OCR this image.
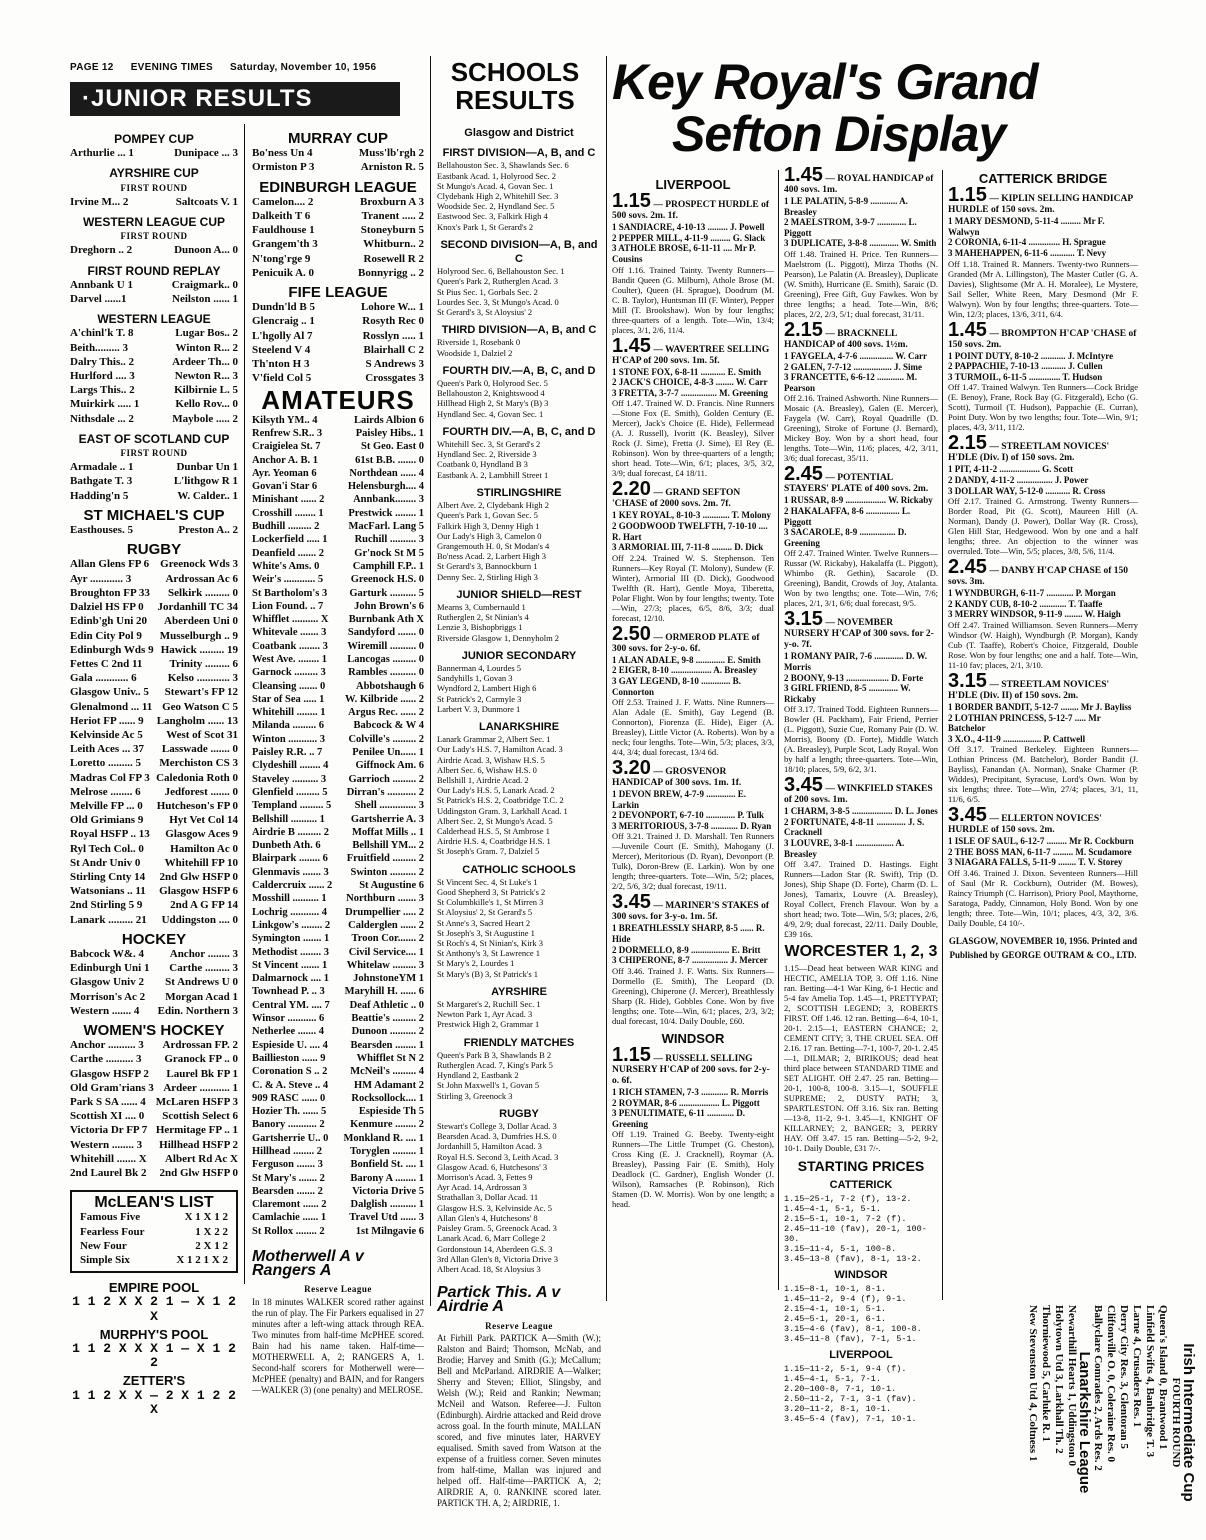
PAGE 12 EVENING TIMES Saturday, November 10, 1956
·JUNIOR RESULTS
POMPEY CUP
Arthurlie ... 1	Dunipace ... 3
AYRSHIRE CUP
FIRST ROUND
Irvine M... 2	Saltcoats V. 1
WESTERN LEAGUE CUP
FIRST ROUND
Dreghorn .. 2	Dunoon A... 0
FIRST ROUND REPLAY
Annbank U 1	Craigmark.. 0
Darvel ......1	Neilston ...... 1
WESTERN LEAGUE
A'chinl'k T. 8	Lugar Bos.. 2
Beith......... 3	Winton R... 2
Dalry This.. 2	Ardeer Th... 0
Hurlford .... 3	Newton R... 3
Largs This.. 2	Kilbirnie L. 5
Muirkirk ..... 1	Kello Rov... 0
Nithsdale ... 2	Maybole ..... 2
EAST OF SCOTLAND CUP
FIRST ROUND
Armadale .. 1	Dunbar Un 1
Bathgate T. 3	L'lithgow R 1
Hadding'n 5	W. Calder.. 1
ST MICHAEL'S CUP
Easthouses. 5	Preston A.. 2
RUGBY
Allan Glens FP 6 Greenock Wds 3
Ayr ............ 3	Ardrossan Ac 6
Broughton FP 33 Selkirk ......... 0
Dalziel HS FP 0 Jordanhill TC 34
Edinb'gh Uni 20 Aberdeen Uni 0
Edin City Pol 9 Musselburgh .. 9
Edinburgh Wds 9 Hawick ......... 19
Fettes C 2nd 11 Trinity ......... 6
Gala ............ 6	Kelso ............ 3
Glasgow Univ.. 5 Stewart's FP 12
Glenalmond ... 11 Geo Watson C 5
Heriot FP ...... 9 Langholm ...... 13
Kelvinside Ac 5 West of Scot 31
Leith Aces ... 37 Lasswade ....... 0
Loretto ......... 5 Merchiston CS 3
Madras Col FP 3 Caledonia Roth 0
Melrose ........ 6 Jedforest ....... 0
Melville FP ... 0 Hutcheson's FP 0
Old Grimians 9 Hyt Vet Col 14
Royal HSFP .. 13 Glasgow Aces 9
Ryl Tech Col.. 0 Hamilton Ac 0
St Andr Univ 0 Whitehill FP 10
Stirling Cnty 14 2nd Glw HSFP 0
Watsonians .. 11 Glasgow HSFP 6
2nd Stirling 5 9	2nd A G FP 14
Lanark ......... 21 Uddingston .... 0
HOCKEY
Babcock W&. 4 Anchor ........ 3
Edinburgh Uni 1 Carthe ......... 3
Glasgow Univ 2 St Andrews U 0
Morrison's Ac 2 Morgan Acad 1
Western ....... 4 Edin. Northern 3
WOMEN'S HOCKEY
Anchor .......... 3 Ardrossan FP. 2
Carthe .......... 3 Granock FP .. 0
Glasgow HSFP 2 Laurel Bk FP 1
Old Gram'rians 3 Ardeer ........... 1
Park S SA ...... 4 McLaren HSFP 3
Scottish XI .... 0 Scottish Select 6
Victoria Dr FP 7 Hermitage FP .. 1
Western ........ 3 Hillhead HSFP 2
Whitehill ....... X Albert Rd Ac X
2nd Laurel Bk 2 2nd Glw HSFP 0
McLEAN'S LIST
Famous Five	X 1 X 1 2
Fearless Four	1 X 2 2
New Four	2 X 1 2
Simple Six	X 1 2 1 X 2
EMPIRE POOL
1 1 2 X X 2 1 — X 1 2 X
MURPHY'S POOL
1 1 2 X X X 1 — X 1 2 2
ZETTER'S
1 1 2 X X — 2 X 1 2 2 X
MURRAY CUP
Bo'ness Un 4	Muss'lb'rgh 2
Ormiston P 3	Arniston R. 5
EDINBURGH LEAGUE
Camelon.... 2	Broxburn A 3
Dalkeith T 6	Tranent ..... 2
Fauldhouse 1	Stoneyburn 5
Grangem'th 3	Whitburn.. 2
N'tong'rge 9	Rosewell R 2
Penicuik A. 0	Bonnyrigg .. 2
FIFE LEAGUE
Dundn'ld B 5	Lohore W... 1
Glencraig .. 1	Rosyth Rec 0
L'hgolly Al 7	Rosslyn ..... 1
Steelend V 4	Blairhall C 2
Th'nton H 3	S Andrews 3
V'field Col 5	Crossgates 3
AMATEURS
Kilsyth YM.. 4	Lairds Albion 6
Renfrew S.R.. 3	Paisley Hibs.. 1
Craigielea St. 7	St Geo. East 0
Anchor A. B. 1	61st B.B. ....... 0
Ayr. Yeoman 6	Northdean ...... 4
Govan'i Star 6	Helensburgh.... 4
Minishant ...... 2	Annbank........ 3
Crosshill ........ 1 Prestwick ........ 1
Budhill ......... 2	MacFarl. Lang 5
Lockerfield ..... 1	Ruchill .......... 3
Deanfield ....... 2	Gr'nock St M 5
White's Ams. 0	Camphill F.P.. 1
Weir's ............ 5	Greenock H.S. 0
St Bartholom's 3 Garturk .......... 5
Lion Found. .. 7	John Brown's 6
Whifflet .......... X Burnbank Ath X
Whitevale ....... 3 Sandyford ....... 0
Coatbank ........ 3 Wiremill .......... 0
West Ave. ........ 1 Lancogas ......... 0
Garnock ......... 3 Rambles .......... 0
Cleansing ....... 0	Abbotshaugh 6
Star of Sea ..... 1 W. Kilbride ...... 2
Whitehill ........ 1 Argus Rec. ...... 2
Milanda ......... 6	Babcock & W 4
Winton ........... 3 Colville's ......... 2
Paisley R.R. .. 7	Penilee Un...... 1
Clydeshill ........ 4	Giffnock Am. 6
Staveley .......... 3 Garrioch ......... 2
Glenfield ......... 5 Dirran's ........... 2
Templand ......... 5 Shell .............. 3
Bellshill .......... 1 Gartsherrie A. 3
Airdrie B ......... 2 Moffat Mills .. 1
Dunbeth Ath. 6	Bellshill YM... 2
Blairpark ........ 6 Fruitfield ......... 2
Glenmavis ....... 3 Swinton .......... 2
Caldercruix ...... 2	St Augustine 6
Mosshill .......... 1 Northburn ....... 3
Lochrig ........... 4 Drumpellier ..... 2
Linkgow's ........ 2 Calderglen ...... 2
Symington ....... 1 Troon Cor....... 2
Methodist ........ 3 Civil Service.... 1
St Vincent ....... 1 Whitelaw ......... 3
Dalmarnock .... 1 JohnstoneYM 1
Townhead P. .. 3 Maryhill H. ...... 6
Central YM. .... 7 Deaf Athletic .. 0
Winsor ........... 6	Beattie's ......... 2
Netherlee ....... 4	Dunoon .......... 2
Espieside U. .... 4 Bearsden ........ 1
Baillieston ...... 9	Whifflet St N 2
Coronation S .. 2 McNeil's ......... 4
C. & A. Steve .. 4 HM Adamant 2
909 RASC ...... 0 Rocksollock.... 1
Hozier Th. ...... 5	Espieside Th 5
Banory ........... 2 Kenmure ........ 2
Gartsherrie U.. 0 Monkland R. .... 1
Hillhead ........ 2	Toryglen ......... 1
Ferguson ....... 3	Bonfield St. .... 1
St Mary's ....... 2 Barony A ........ 1
Bearsden ....... 2	Victoria Drive 5
Claremont ...... 2 Dalglish .......... 1
Camlachie ...... 1 Travel Utd ...... 3
St Rollox ........ 2	1st Milngavie 6
Motherwell A v Rangers A
Reserve League
In 18 minutes WALKER scored rather against the run of play. The Fir Parkers equalised in 27 minutes after a left-wing attack through REA. Two minutes from half-time McPHEE scored. Bain had his name taken. Half-time—MOTHERWELL A, 2; RANGERS A, 1. Second-half scorers for Motherwell were—McPHEE (penalty) and BAIN, and for Rangers—WALKER (3) (one penalty) and MELROSE.
SCHOOLS
RESULTS
Glasgow and District
FIRST DIVISION—A, B, and C
Bellahouston Sec. 3, Shawlands Sec. 6
Eastbank Acad. 1, Holyrood Sec. 2
St Mungo's Acad. 4, Govan Sec. 1
Clydebank High 2, Whitehill Sec. 3
Woodside Sec. 2, Hyndland Sec. 5
Eastwood Sec. 3, Falkirk High 4
Knox's Park 1, St Gerard's 2
SECOND DIVISION—A, B, and C
Holyrood Sec. 6, Bellahouston Sec. 1
Queen's Park 2, Rutherglen Acad. 3
St Pius Sec. 1, Gorbals Sec. 2
Lourdes Sec. 3, St Mungo's Acad. 0
St Gerard's 3, St Aloysius' 2
THIRD DIVISION—A, B, and C
Riverside 1, Rosebank 0
Woodside 1, Dalziel 2
FOURTH DIV.—A, B, C, and D
Queen's Park 0, Holyrood Sec. 5
Bellahouston 2, Knightswood 4
Hillhead High 2, St Mary's (B) 3
Hyndland Sec. 4, Govan Sec. 1
FOURTH DIV.—A, B, C, and D
Whitehill Sec. 3, St Gerard's 2
Hyndland Sec. 2, Riverside 3
Coatbank 0, Hyndland B 3
Eastbank A. 2, Lambhill Street 1
STIRLINGSHIRE
Albert Ave. 2, Clydebank High 2
Queen's Park 1, Govan Sec. 5
Falkirk High 3, Denny High 1
Our Lady's High 3, Camelon 0
Grangemouth H. 0, St Modan's 4
Bo'ness Acad. 2, Larbert High 3
St Gerard's 3, Bannockburn 1
Denny Sec. 2, Stirling High 3
JUNIOR SHIELD—REST
Mearns 3, Cumbernauld 1
Rutherglen 2, St Ninian's 4
Lenzie 3, Bishopbriggs 1
Riverside Glasgow 1, Dennyholm 2
JUNIOR SECONDARY
Bannerman 4, Lourdes 5
Sandyhills 1, Govan 3
Wyndford 2, Lambert High 6
St Patrick's 2, Carmyle 3
Larbert V. 3, Dunmore 1
LANARKSHIRE
Lanark Grammar 2, Albert Sec. 1
Our Lady's H.S. 7, Hamilton Acad. 3
Airdrie Acad. 3, Wishaw H.S. 5
Albert Sec. 6, Wishaw H.S. 0
Bellshill 1, Airdrie Acad. 2
Our Lady's H.S. 5, Lanark Acad. 2
St Patrick's H.S. 2, Coatbridge T.C. 2
Uddingston Gram. 3, Larkhall Acad. 1
Albert Sec. 2, St Mungo's Acad. 5
Calderhead H.S. 5, St Ambrose 1
Airdrie H.S. 4, Coatbridge H.S. 1
St Joseph's Gram. 7, Dalziel 5
CATHOLIC SCHOOLS
St Vincent Sec. 4, St Luke's 1
Good Shepherd 3, St Patrick's 2
St Columbkille's 1, St Mirren 3
St Aloysius' 2, St Gerard's 5
St Anne's 3, Sacred Heart 2
St Joseph's 3, St Augustine 1
St Roch's 4, St Ninian's, Kirk 3
St Anthony's 3, St Lawrence 1
St Mary's 2, Lourdes 1
St Mary's (B) 3, St Patrick's 1
AYRSHIRE
St Margaret's 2, Ruchill Sec. 1
Newton Park 1, Ayr Acad. 3
Prestwick High 2, Grammar 1
FRIENDLY MATCHES
Queen's Park B 3, Shawlands B 2
Rutherglen Acad. 7, King's Park 5
Hyndland 2, Eastbank 2
St John Maxwell's 1, Govan 5
Stirling 3, Greenock 3
RUGBY
Stewart's College 3, Dollar Acad. 3
Bearsden Acad. 3, Dumfries H.S. 0
Jordanhill 5, Hamilton Acad. 3
Royal H.S. Second 3, Leith Acad. 3
Glasgow Acad. 6, Hutchesons' 3
Morrison's Acad. 3, Fettes 9
Ayr Acad. 14, Ardrossan 3
Strathallan 3, Dollar Acad. 11
Glasgow H.S. 3, Kelvinside Ac. 5
Allan Glen's 4, Hutchesons' 8
Paisley Gram. 5, Greenock Acad. 3
Lanark Acad. 6, Marr College 2
Gordonstoun 14, Aberdeen G.S. 3
3rd Allan Glen's 8, Victoria Drive 3
Albert Acad. 18, St Aloysius 3
Partick This. A v Airdrie A
Reserve League
At Firhill Park. PARTICK A—Smith (W.); Ralston and Baird; Thomson, McNab, and Brodie; Harvey and Smith (G.); McCallum; Bell and McParland. AIRDRIE A—Walker; Sherry and Steven; Elliot, Slingsby, and Welsh (W.); Reid and Rankin; Newman; McNeil and Watson. Referee—J. Fulton (Edinburgh). Airdrie attacked and Reid drove across goal. In the fourth minute, MALLAN scored, and five minutes later, HARVEY equalised. Smith saved from Watson at the expense of a fruitless corner. Seven minutes from half-time, Mallan was injured and helped off. Half-time—PARTICK A, 2; AIRDRIE A, 0. RANKINE scored later. PARTICK TH. A, 2; AIRDRIE, 1.
Key Royal's Grand
Sefton Display
LIVERPOOL
1.15 — PROSPECT HURDLE of 500 sovs. 2m. 1f.
1 SANDIACRE, 4-10-13 ......... J. Powell
2 PEPPER MILL, 4-11-9 ......... G. Slack
3 ATHOLE BROSE, 6-11-11 .... Mr P. Cousins
Off 1.16. Trained Tainty. Twenty Runners—Bandit Queen (G. Milburn), Athole Brose (M. Coulter), Queen (H. Sprague), Doodrum (M. C. B. Taylor), Huntsman III (F. Winter), Pepper Mill (T. Brookshaw). Won by four lengths; three-quarters of a length. Tote—Win, 13/4; places, 3/1, 2/6, 11/4.
1.45 — WAVERTREE SELLING H'CAP of 200 sovs. 1m. 5f.
1 STONE FOX, 6-8-11 ........... E. Smith
2 JACK'S CHOICE, 4-8-3 ........ W. Carr
3 FRETTA, 3-7-7 ................ M. Greening
Off 1.47. Trained W. D. Francis. Nine Runners—Stone Fox (E. Smith), Golden Century (E. Mercer), Jack's Choice (E. Hide), Fellermead (A. J. Russell), Ivoritt (K. Beasley), Silver Rock (J. Sime), Fretta (J. Sime), El Rey (E. Robinson). Won by three-quarters of a length; short head. Tote—Win, 6/1; places, 3/5, 3/2, 3/9; dual forecast, £4 18/11.
2.20 — GRAND SEFTON 'CHASE of 2000 sovs. 2m. 7f.
1 KEY ROYAL, 8-10-3 ............ T. Molony
2 GOODWOOD TWELFTH, 7-10-10 .... R. Hart
3 ARMORIAL III, 7-11-8 ......... D. Dick
Off 2.24. Trained W. S. Stephenson. Ten Runners—Key Royal (T. Molony), Sundew (F. Winter), Armorial III (D. Dick), Goodwood Twelfth (R. Hart), Gentle Moya, Tiberetta, Polar Flight. Won by four lengths; twenty. Tote—Win, 27/3; places, 6/5, 8/6, 3/3; dual forecast, 12/10.
2.50 — ORMEROD PLATE of 300 sovs. for 2-y-o. 6f.
1 ALAN ADALE, 9-8 ............. E. Smith
2 EIGER, 8-10 .................. A. Breasley
3 GAY LEGEND, 8-10 ............. B. Connorton
Off 2.53. Trained J. F. Watts. Nine Runners—Alan Adale (E. Smith), Gay Legend (B. Connorton), Fiorenza (E. Hide), Eiger (A. Breasley), Little Victor (A. Roberts). Won by a neck; four lengths. Tote—Win, 5/3; places, 3/3, 4/4, 3/4; dual forecast, 13/4 6d.
3.20 — GROSVENOR HANDICAP of 300 sovs. 1m. 1f.
1 DEVON BREW, 4-7-9 ............. E. Larkin
2 DEVONPORT, 6-7-10 ............. P. Tulk
3 MERITORIOUS, 3-7-8 ............ D. Ryan
Off 3.21. Trained J. D. Marshall. Ten Runners—Juvenile Court (E. Smith), Mahogany (J. Mercer), Meritorious (D. Ryan), Devonport (P. Tulk), Doron-Brew (E. Larkin). Won by one length; three-quarters. Tote—Win, 5/2; places, 2/2, 5/6, 3/2; dual forecast, 19/11.
3.45 — MARINER'S STAKES of 300 sovs. for 3-y-o. 1m. 5f.
1 BREATHLESSLY SHARP, 8-5 ...... R. Hide
2 DORMELLO, 8-9 ................. E. Britt
3 CHIPERONE, 8-7 ................ J. Mercer
Off 3.46. Trained J. F. Watts. Six Runners—Dormello (E. Smith), The Leopard (D. Greening), Chiperone (J. Mercer), Breathlessly Sharp (R. Hide), Gobbles Cone. Won by five lengths; one. Tote—Win, 6/1; places, 2/3, 3/2; dual forecast, 10/4. Daily Double, £60.
WINDSOR
1.15 — RUSSELL SELLING NURSERY H'CAP of 200 sovs. for 2-y-o. 6f.
1 RICH STAMEN, 7-3 ............ R. Morris
2 ROYMAR, 8-6 .................. L. Piggott
3 PENULTIMATE, 6-11 ............ D. Greening
Off 1.19. Trained G. Beeby. Twenty-eight Runners—The Little Trumpet (G. Cheston), Cross King (E. J. Cracknell), Roymar (A. Breasley), Passing Fair (E. Smith), Holy Deadlock (C. Gardner), English Wonder (J. Wilson), Ramsaches (P. Robinson), Rich Stamen (D. W. Morris). Won by one length; a head.
1.45 — ROYAL HANDICAP of 400 sovs. 1m.
1 LE PALATIN, 5-8-9 ............ A. Breasley
2 MAELSTROM, 3-9-7 ............. L. Piggott
3 DUPLICATE, 3-8-8 ............. W. Smith
Off 1.48. Trained H. Price. Ten Runners—Maelstrom (L. Piggott), Mirza Thoths (N. Pearson), Le Palatin (A. Breasley), Duplicate (W. Smith), Hurricane (E. Smith), Saraic (D. Greening), Free Gift, Guy Fawkes. Won by three lengths; a head. Tote—Win, 8/6; places, 2/2, 2/3, 5/1; dual forecast, 31/11.
2.15 — BRACKNELL HANDICAP of 400 sovs. 1½m.
1 FAYGELA, 4-7-6 ............... W. Carr
2 GALEN, 7-7-12 ................. J. Sime
3 FRANCETTE, 6-6-12 ............ M. Pearson
Off 2.16. Trained Ashworth. Nine Runners—Mosaic (A. Breasley), Galen (E. Mercer), Faygela (W. Carr), Royal Quadrille (D. Greening), Stroke of Fortune (J. Bernard), Mickey Boy. Won by a short head, four lengths. Tote—Win, 11/6; places, 4/2, 3/11, 3/6; dual forecast, 35/11.
2.45 — POTENTIAL STAYERS' PLATE of 400 sovs. 2m.
1 RUSSAR, 8-9 .................. W. Rickaby
2 HAKALAFFA, 8-6 ............... L. Piggott
3 SACAROLE, 8-9 ................ D. Greening
Off 2.47. Trained Winter. Twelve Runners—Russar (W. Rickaby), Hakalaffa (L. Piggott), Whimbo (R. Gethin), Sacarole (D. Greening), Bandit, Crowds of Joy, Atalanta. Won by two lengths; one. Tote—Win, 7/6; places, 2/1, 3/1, 6/6; dual forecast, 9/5.
3.15 — NOVEMBER NURSERY H'CAP of 300 sovs. for 2-y-o. 7f.
1 ROMANY PAIR, 7-6 ............. D. W. Morris
2 BOONY, 9-13 ................... D. Forte
3 GIRL FRIEND, 8-5 ............. W. Rickaby
Off 3.17. Trained Todd. Eighteen Runners—Bowler (H. Packham), Fair Friend, Perrier (L. Piggott), Suzie Cue, Romany Pair (D. W. Morris), Boony (D. Forte), Middle Watch (A. Breasley), Purple Scot, Lady Royal. Won by half a length; three-quarters. Tote—Win, 18/10; places, 5/9, 6/2, 3/1.
3.45 — WINKFIELD STAKES of 200 sovs. 1m.
1 CHARM, 3-8-5 .................. D. L. Jones
2 FORTUNATE, 4-8-11 ............. J. S. Cracknell
3 LOUVRE, 3-8-1 ................. A. Breasley
Off 3.47. Trained D. Hastings. Eight Runners—Ladon Star (R. Swift), Trip (D. Jones), Ship Shape (D. Forte), Charm (D. L. Jones), Tamarix, Louvre (A. Breasley), Royal Collect, French Flavour. Won by a short head; two. Tote—Win, 5/3; places, 2/6, 4/9, 2/9; dual forecast, 22/11. Daily Double, £39 16s.
WORCESTER 1, 2, 3
1.15—Dead heat between WAR KING and HECTIC, AMELIA TOP, 3. Off 1.16. Nine ran. Betting—4-1 War King, 6-1 Hectic and 5-4 fav Amelia Top. 1.45—1, PRETTYPAT; 2, SCOTTISH LEGEND; 3, ROBERTS FIRST. Off 1.46. 12 ran. Betting—6-4, 10-1, 20-1. 2.15—1, EASTERN CHANCE; 2, CEMENT CITY; 3, THE CRUEL SEA. Off 2.16. 17 ran. Betting—7-1, 100-7, 20-1. 2.45—1, DILMAR; 2, BIRIKOUS; dead heat third place between STANDARD TIME and SET ALIGHT. Off 2.47. 25 ran. Betting—20-1, 100-8, 100-8. 3.15—1, SOUFFLE SUPREME; 2, DUSTY PATH; 3, SPARTLESTON. Off 3.16. Six ran. Betting—13-8, 11-2, 9-1. 3.45—1, KNIGHT OF KILLARNEY; 2, BANGER; 3, PERRY HAY. Off 3.47. 15 ran. Betting—5-2, 9-2, 10-1. Daily Double, £31 7/-.
STARTING PRICES
CATTERICK
1.15—25-1, 7-2 (f), 13-2.
1.45—4-1, 5-1, 5-1.
2.15—5-1, 10-1, 7-2 (f).
2.45—11-10 (fav), 20-1, 100-30.
3.15—11-4, 5-1, 100-8.
3.45—13-8 (fav), 8-1, 13-2.
WINDSOR
1.15—8-1, 10-1, 8-1.
1.45—11-2, 9-4 (f), 9-1.
2.15—4-1, 10-1, 5-1.
2.45—5-1, 20-1, 6-1.
3.15—4-6 (fav), 8-1, 100-8.
3.45—11-8 (fav), 7-1, 5-1.
LIVERPOOL
1.15—11-2, 5-1, 9-4 (f).
1.45—4-1, 5-1, 7-1.
2.20—100-8, 7-1, 10-1.
2.50—11-2, 7-1, 3-1 (fav).
3.20—11-2, 8-1, 10-1.
3.45—5-4 (fav), 7-1, 10-1.
CATTERICK BRIDGE
1.15 — KIPLIN SELLING HANDICAP HURDLE of 150 sovs. 2m.
1 MARY DESMOND, 5-11-4 ......... Mr F. Walwyn
2 CORONIA, 6-11-4 .............. H. Sprague
3 MAHEHAPPEN, 6-11-6 ........... T. Nevy
Off 1.18. Trained R. Manners. Twenty-two Runners—Granded (Mr A. Lillingston), The Master Cutler (G. A. Davies), Slightsome (Mr A. H. Moralee), Le Mystere, Sail Seller, White Reen, Mary Desmond (Mr F. Walwyn). Won by four lengths; three-quarters. Tote—Win, 12/3; places, 13/6, 3/11, 6/4.
1.45 — BROMPTON H'CAP 'CHASE of 150 sovs. 2m.
1 POINT DUTY, 8-10-2 ........... J. McIntyre
2 PAPPACHIE, 7-10-13 ........... J. Cullen
3 TURMOIL, 6-11-5 .............. T. Hudson
Off 1.47. Trained Walwyn. Ten Runners—Cock Bridge (E. Benoy), Frane, Rock Bay (G. Fitzgerald), Echo (G. Scott), Turmoil (T. Hudson), Pappachie (E. Curran), Point Duty. Won by two lengths; four. Tote—Win, 9/1; places, 4/3, 3/11, 11/2.
2.15 — STREETLAM NOVICES' H'DLE (Div. I) of 150 sovs. 2m.
1 PIT, 4-11-2 .................. G. Scott
2 DANDY, 4-11-2 ................ J. Power
3 DOLLAR WAY, 5-12-0 ........... R. Cross
Off 2.17. Trained G. Armstrong. Twenty Runners—Border Road, Pit (G. Scott), Maureen Hill (A. Norman), Dandy (J. Power), Dollar Way (R. Cross), Glen Hill Star, Hedgewood. Won by one and a half lengths; three. An objection to the winner was overruled. Tote—Win, 5/5; places, 3/8, 5/6, 11/4.
2.45 — DANBY H'CAP CHASE of 150 sovs. 3m.
1 WYNDBURGH, 6-11-7 ............ P. Morgan
2 KANDY CUB, 8-10-2 ............ T. Taaffe
3 MERRY WINDSOR, 9-11-9 ........ W. Haigh
Off 2.47. Trained Williamson. Seven Runners—Merry Windsor (W. Haigh), Wyndburgh (P. Morgan), Kandy Cub (T. Taaffe), Robert's Choice, Fitzgerald, Double Rose. Won by four lengths; one and a half. Tote—Win, 11-10 fav; places, 2/1, 3/10.
3.15 — STREETLAM NOVICES' H'DLE (Div. II) of 150 sovs. 2m.
1 BORDER BANDIT, 5-12-7 ........ Mr J. Bayliss
2 LOTHIAN PRINCESS, 5-12-7 ..... Mr Batchelor
3 X.O., 4-11-9 ................. P. Cattwell
Off 3.17. Trained Berkeley. Eighteen Runners—Lothian Princess (M. Batchelor), Border Bandit (J. Bayliss), Fanandan (A. Norman), Snake Charmer (P. Widdes), Precipitant, Syracuse, Lord's Own. Won by six lengths; three. Tote—Win, 27/4; places, 3/1, 11, 11/6, 6/5.
3.45 — ELLERTON NOVICES' HURDLE of 150 sovs. 2m.
1 ISLE OF SAUL, 6-12-7 ......... Mr R. Cockburn
2 THE BOSS MAN, 6-11-7 ......... M. Scudamore
3 NIAGARA FALLS, 5-11-9 ........ T. V. Storey
Off 3.46. Trained J. Dixon. Seventeen Runners—Hill of Saul (Mr R. Cockburn), Outrider (M. Bowes), Raincy Triumph (C. Harrison), Priory Pool, Maythorne, Saratoga, Paddy, Cinnamon, Holy Bond. Won by one length; three. Tote—Win, 10/1; places, 4/3, 3/2, 3/6. Daily Double, £4 10/-.
GLASGOW, NOVEMBER 10, 1956. Printed and Published by GEORGE OUTRAM & CO., LTD.
Irish Intermediate Cup
FOURTH ROUND
Queen's Island 0, Brantwood 1
Linfield Swifts 4, Banbridge T. 3
Larne 4, Crusaders Res. 1
Derry City Res. 3, Glentoran 5
Cliftonville O. 0, Coleraine Res. 0
Ballyclare Comrades 2, Ards Res. 2
Lanarkshire League
Newarthill Hearts 1, Uddingston 0
Holytown Utd 3, Larkhall Th. 2
Thorniewood 5, Carluke R. 1
New Stevenston Utd 4, Coltness 1
